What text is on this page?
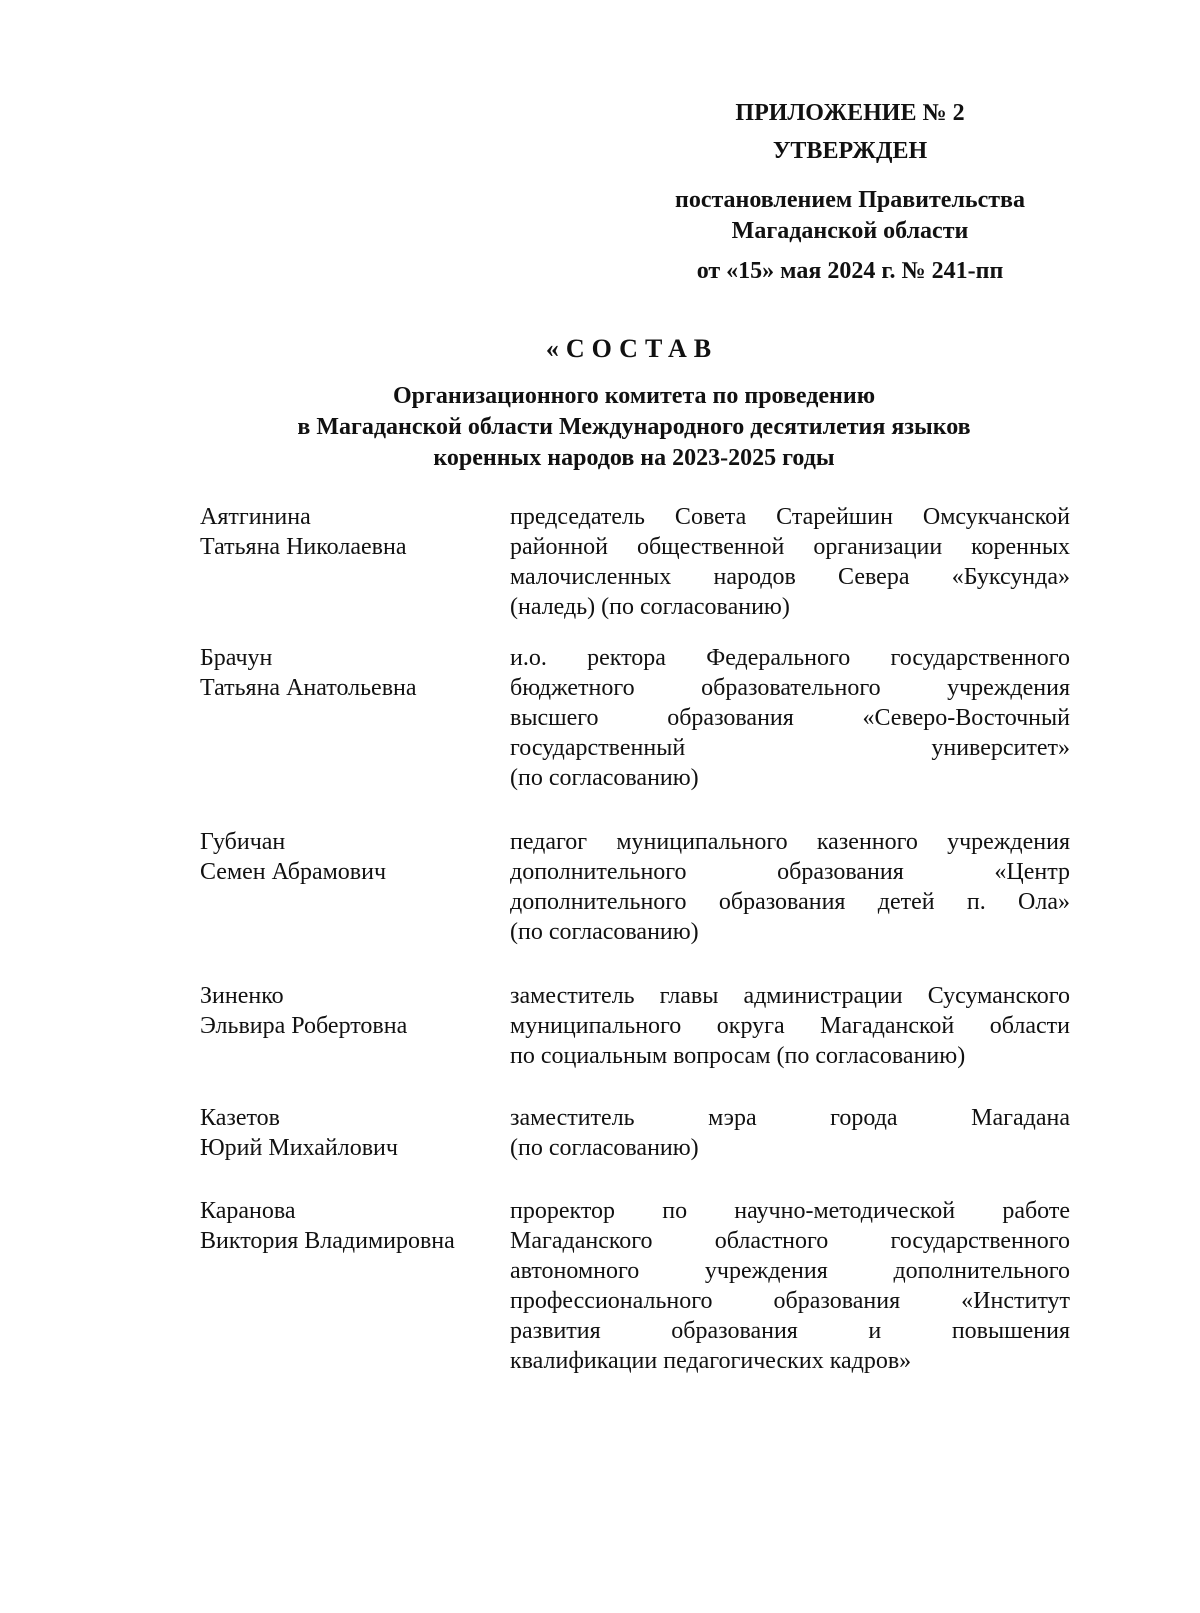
ПРИЛОЖЕНИЕ № 2
УТВЕРЖДЕН
постановлением Правительства
Магаданской области
от «15» мая 2024 г. № 241-пп
«СОСТАВ
Организационного комитета по проведению
в Магаданской области Международного десятилетия языков
коренных народов на 2023-2025 годы
Аятгинина
Татьяна Николаевна
председатель Совета Старейшин Омсукчанской
районной общественной организации коренных
малочисленных народов Севера «Буксунда»
(наледь) (по согласованию)
Брачун
Татьяна Анатольевна
и.о. ректора Федерального государственного
бюджетного образовательного учреждения
высшего образования «Северо-Восточный
государственный университет»
(по согласованию)
Губичан
Семен Абрамович
педагог муниципального казенного учреждения
дополнительного образования «Центр
дополнительного образования детей п. Ола»
(по согласованию)
Зиненко
Эльвира Робертовна
заместитель главы администрации Сусуманского
муниципального округа Магаданской области
по социальным вопросам (по согласованию)
Казетов
Юрий Михайлович
заместитель мэра города Магадана
(по согласованию)
Каранова
Виктория Владимировна
проректор по научно-методической работе
Магаданского областного государственного
автономного учреждения дополнительного
профессионального образования «Институт
развития образования и повышения
квалификации педагогических кадров»
